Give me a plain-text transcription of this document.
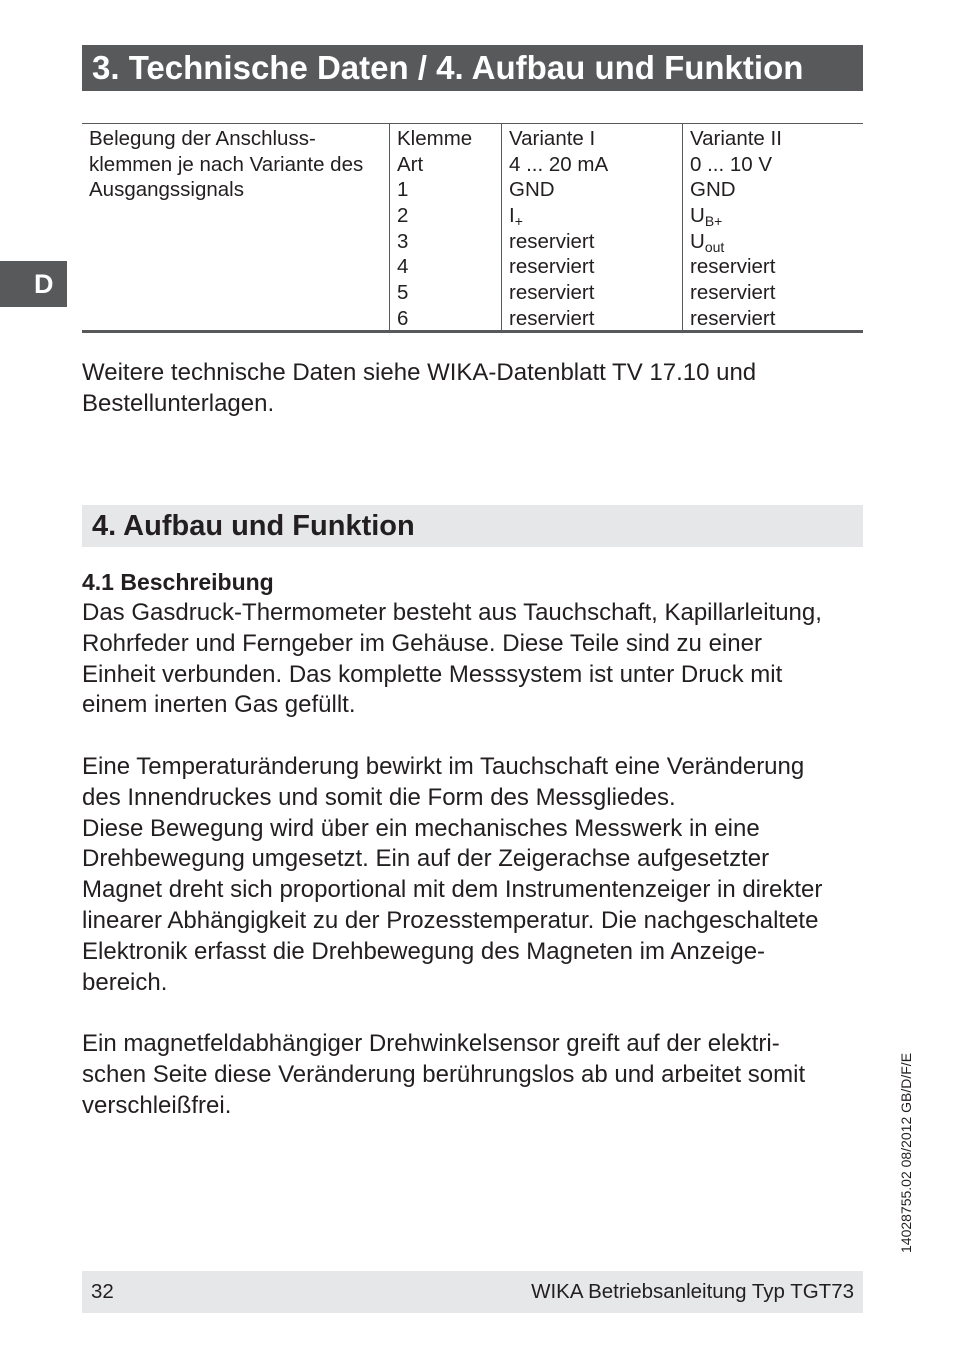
3. Technische Daten / 4. Aufbau und Funktion
D
Belegung der Anschluss-
klemmen je nach Variante des
Ausgangssignals
Klemme
Art
1
2
3
4
5
6
Variante I
4 ... 20 mA
GND
$I_+$
reserviert
reserviert
reserviert
reserviert
Variante II
0 ... 10 V
GND
$U_{B+}$
$U_{out}$
reserviert
reserviert
reserviert
Weitere technische Daten siehe WIKA-Datenblatt TV 17.10 und
Bestellunterlagen.
4. Aufbau und Funktion
4.1 Beschreibung
Das Gasdruck-Thermometer besteht aus Tauchschaft, Kapillarleitung,
Rohrfeder und Ferngeber im Gehäuse. Diese Teile sind zu einer
Einheit verbunden. Das komplette Messsystem ist unter Druck mit
einem inerten Gas gefüllt.
Eine Temperaturänderung bewirkt im Tauchschaft eine Veränderung
des Innendruckes und somit die Form des Messgliedes.
Diese Bewegung wird über ein mechanisches Messwerk in eine
Drehbewegung umgesetzt. Ein auf der Zeigerachse aufgesetzter
Magnet dreht sich proportional mit dem Instrumentenzeiger in direkter
linearer Abhängigkeit zu der Prozesstemperatur. Die nachgeschaltete
Elektronik erfasst die Drehbewegung des Magneten im Anzeige-
bereich.
Ein magnetfeldabhängiger Drehwinkelsensor greift auf der elektri-
schen Seite diese Veränderung berührungslos ab und arbeitet somit
verschleißfrei.	14028755.02 08/2012 GB/D/F/E
32	WIKA Betriebsanleitung Typ TGT73
